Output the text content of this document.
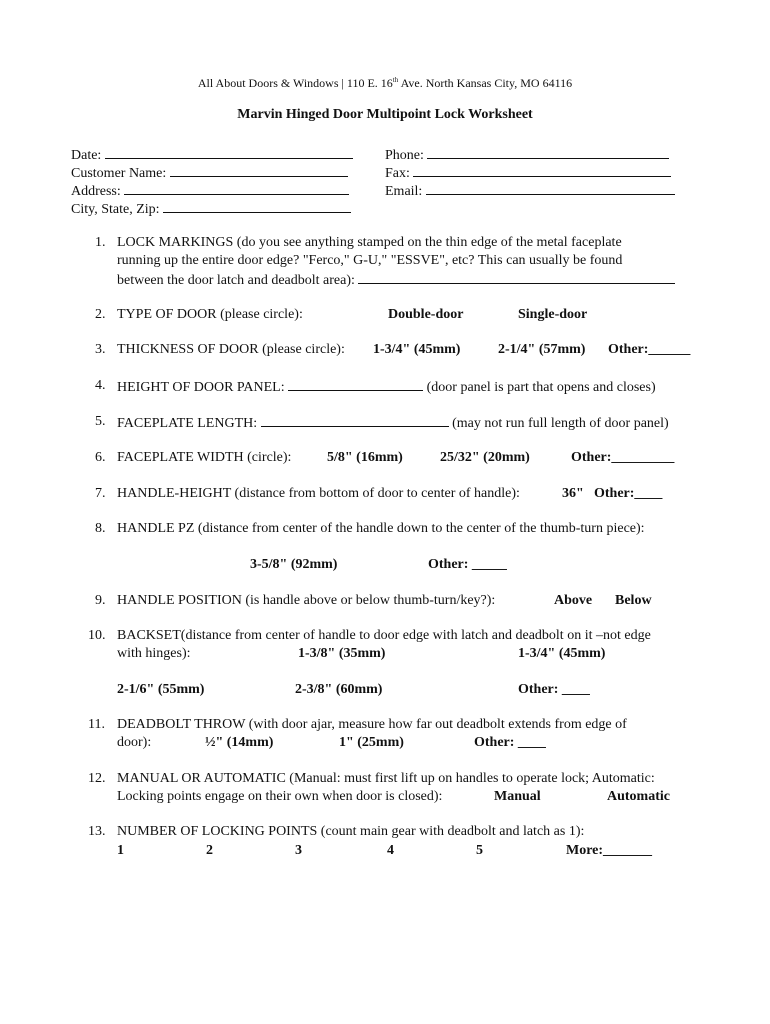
All About Doors & Windows | 110 E. 16th Ave. North Kansas City, MO 64116
Marvin Hinged Door Multipoint Lock Worksheet
Date:
Customer Name:
Address:
City, State, Zip:
Phone:
Fax:
Email:
1. LOCK MARKINGS (do you see anything stamped on the thin edge of the metal faceplate
running up the entire door edge? "Ferco," G-U," "ESSVE", etc? This can usually be found
between the door latch and deadbolt area):
2. TYPE OF DOOR (please circle):	Double-door	Single-door
3. THICKNESS OF DOOR (please circle): 1-3/4" (45mm)	2-1/4" (57mm) Other:______
4. HEIGHT OF DOOR PANEL:	(door panel is part that opens and closes)
5. FACEPLATE LENGTH:	(may not run full length of door panel)
6. FACEPLATE WIDTH (circle):	5/8" (16mm)	25/32" (20mm)	Other:_________
7. HANDLE-HEIGHT (distance from bottom of door to center of handle):	36" Other:____
8. HANDLE PZ (distance from center of the handle down to the center of the thumb-turn piece):
3-5/8" (92mm)	Other: _____
9. HANDLE POSITION (is handle above or below thumb-turn/key?):	Above Below
10. BACKSET(distance from center of handle to door edge with latch and deadbolt on it –not edge
with hinges):	1-3/8" (35mm)	1-3/4" (45mm)
2-1/6" (55mm)	2-3/8" (60mm)	Other: ____
11. DEADBOLT THROW (with door ajar, measure how far out deadbolt extends from edge of
door):	½" (14mm)	1" (25mm)	Other: ____
12. MANUAL OR AUTOMATIC (Manual: must first lift up on handles to operate lock; Automatic:
Locking points engage on their own when door is closed):	Manual	Automatic
13. NUMBER OF LOCKING POINTS (count main gear with deadbolt and latch as 1):
1	2	3	4	5	More:_______
